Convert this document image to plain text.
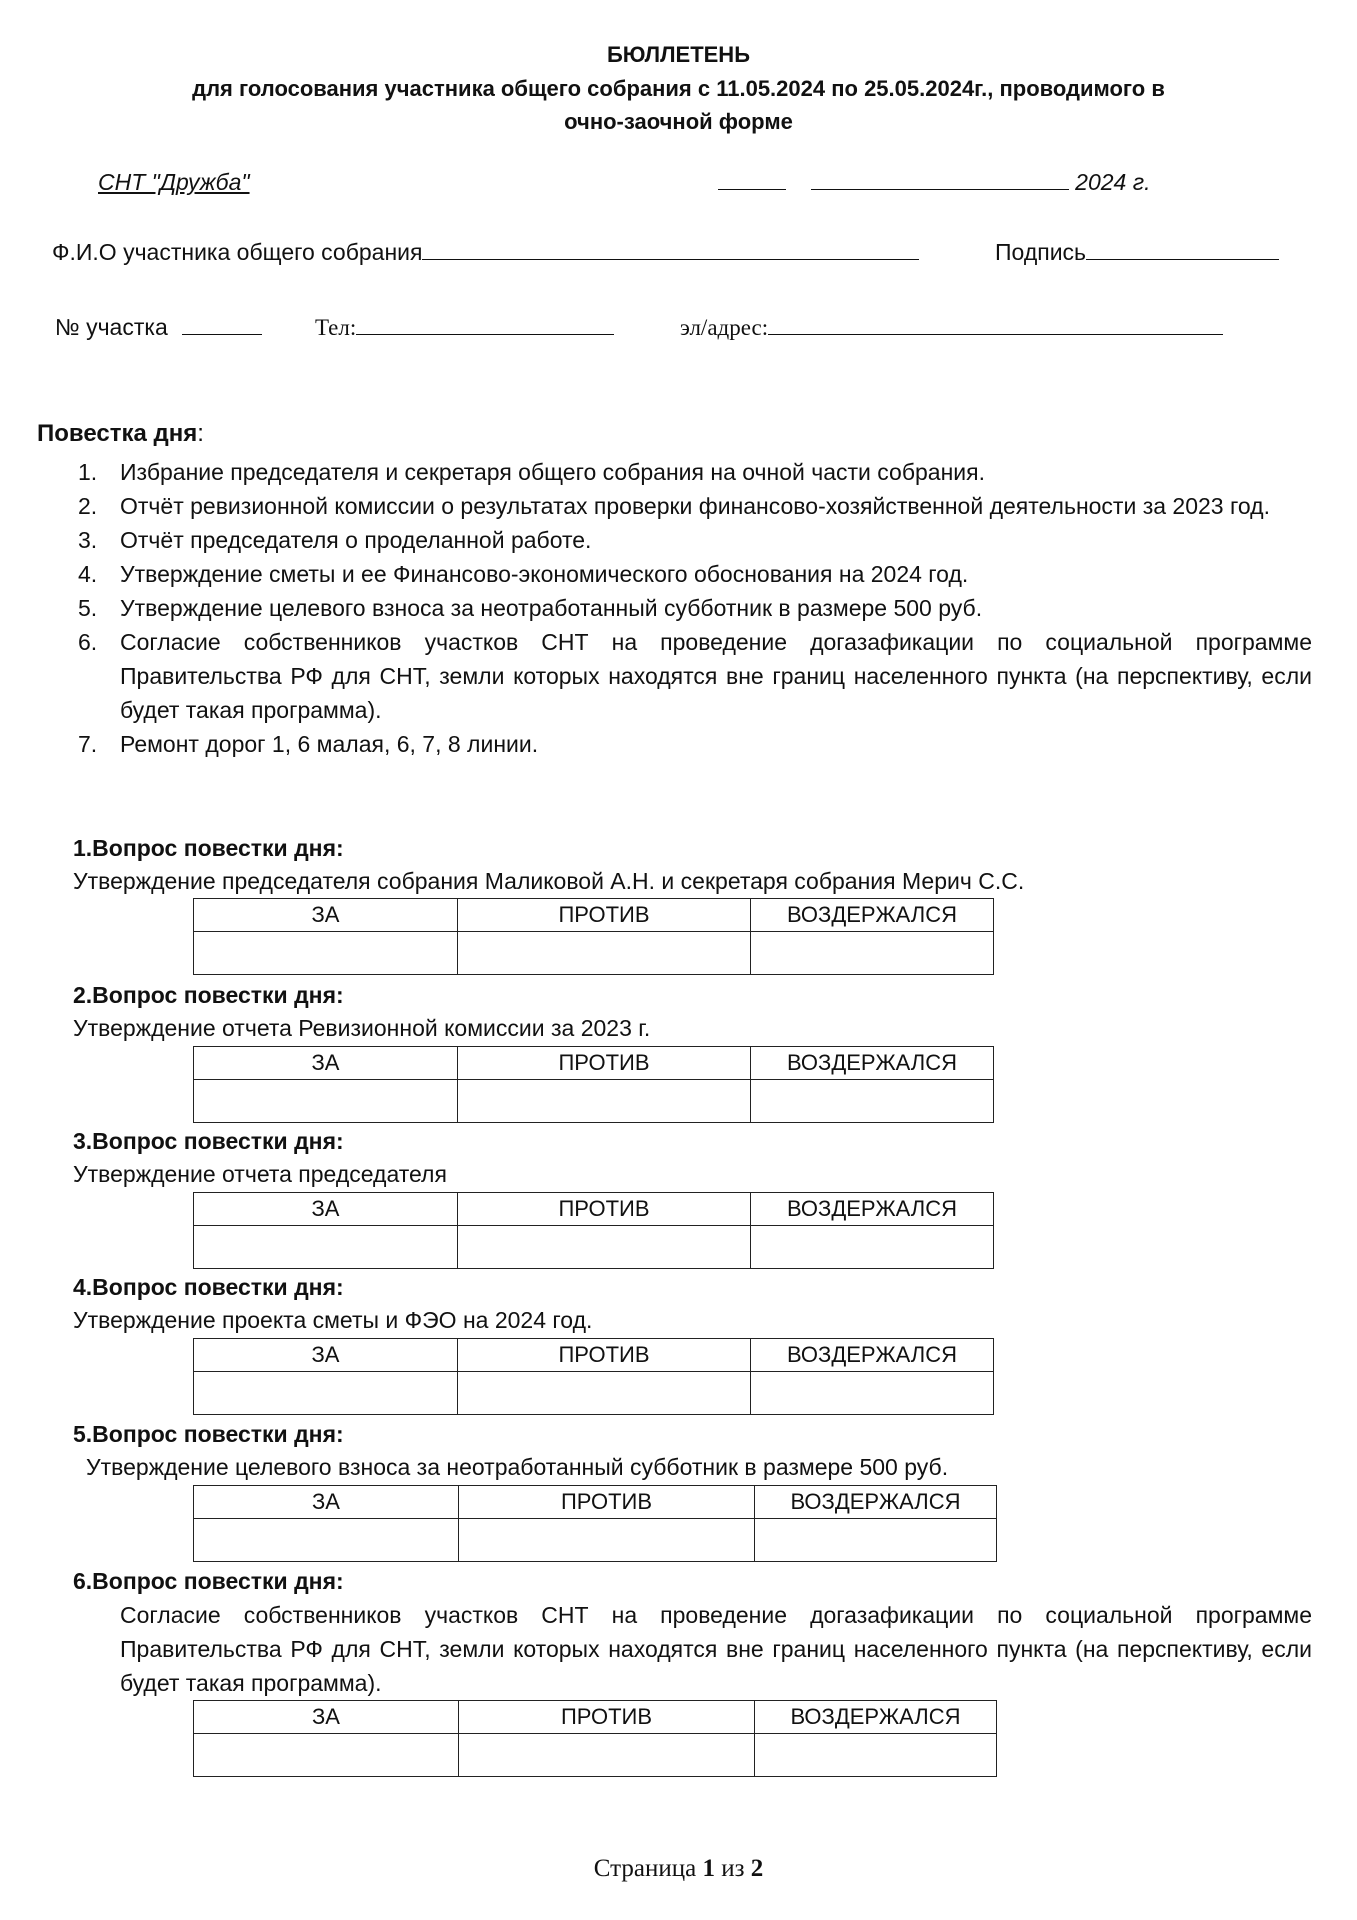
БЮЛЛЕТЕНЬ
для голосования участника общего собрания с 11.05.2024 по 25.05.2024г., проводимого в
очно-заочной форме
СНТ "Дружба"	2024 г.
Ф.И.О участника общего собрания	Подпись
№ участка	Тел:	эл/адрес:
Повестка дня:
1. Избрание председателя и секретаря общего собрания на очной части собрания.
2. Отчёт ревизионной комиссии о результатах проверки финансово-хозяйственной деятельности за 2023 год.
3. Отчёт председателя о проделанной работе.
4. Утверждение сметы и ее Финансово-экономического обоснования на 2024 год.
5. Утверждение целевого взноса за неотработанный субботник в размере 500 руб.
6. Согласие собственников участков СНТ на проведение догазафикации по социальной программе Правительства РФ для СНТ, земли которых находятся вне границ населенного пункта (на перспективу, если будет такая программа).
7. Ремонт дорог 1, 6 малая, 6, 7, 8 линии.
1.Вопрос повестки дня:
Утверждение председателя собрания Маликовой А.Н. и секретаря собрания Мерич С.С.
ЗА	ПРОТИВ	ВОЗДЕРЖАЛСЯ

2.Вопрос повестки дня:
Утверждение отчета Ревизионной комиссии за 2023 г.
ЗА	ПРОТИВ	ВОЗДЕРЖАЛСЯ

3.Вопрос повестки дня:
Утверждение отчета председателя
ЗА	ПРОТИВ	ВОЗДЕРЖАЛСЯ

4.Вопрос повестки дня:
Утверждение проекта сметы и ФЭО на 2024 год.
ЗА	ПРОТИВ	ВОЗДЕРЖАЛСЯ

5.Вопрос повестки дня:
Утверждение целевого взноса за неотработанный субботник в размере 500 руб.
ЗА	ПРОТИВ	ВОЗДЕРЖАЛСЯ

6.Вопрос повестки дня:
Согласие собственников участков СНТ на проведение догазафикации по социальной программе Правительства РФ для СНТ, земли которых находятся вне границ населенного пункта (на перспективу, если будет такая программа).
ЗА	ПРОТИВ	ВОЗДЕРЖАЛСЯ

Страница 1 из 2
